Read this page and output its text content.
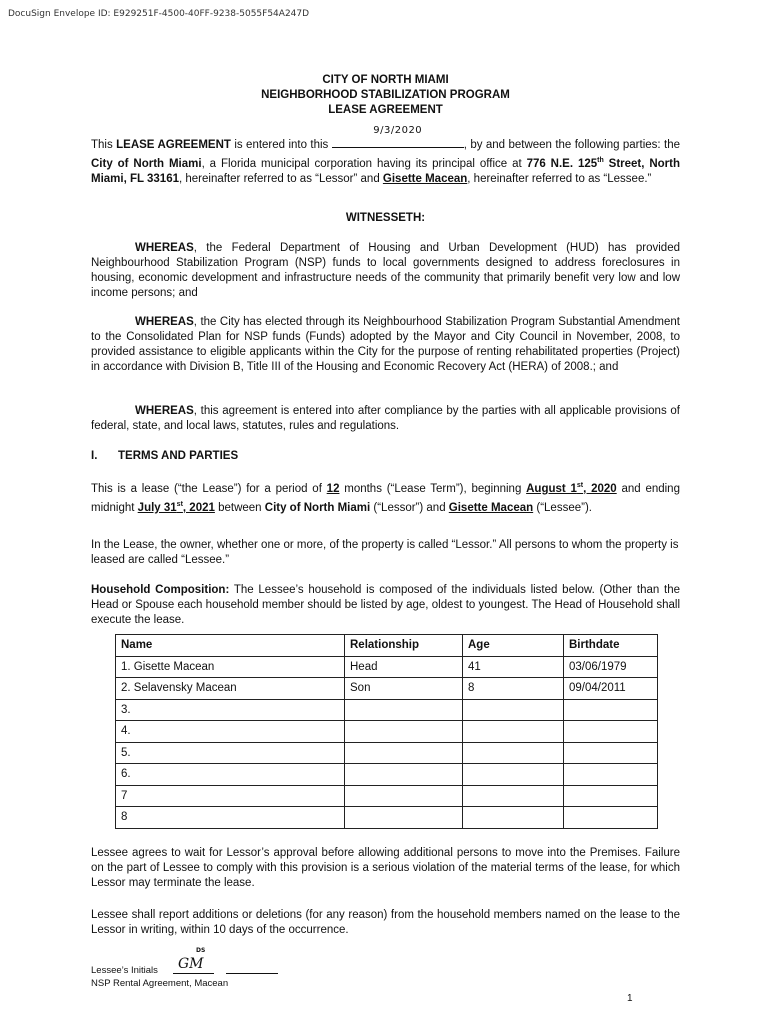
DocuSign Envelope ID: E929251F-4500-40FF-9238-5055F54A247D
CITY OF NORTH MIAMI
NEIGHBORHOOD STABILIZATION PROGRAM
LEASE AGREEMENT
This LEASE AGREEMENT is entered into this
9/3/2020
, by and between the following parties: the City of North Miami, a Florida municipal corporation having its principal office at 776 N.E. 125th Street, North Miami, FL 33161, hereinafter referred to as “Lessor” and Gisette Macean, hereinafter referred to as “Lessee.”
WITNESSETH:
WHEREAS, the Federal Department of Housing and Urban Development (HUD) has provided Neighbourhood Stabilization Program (NSP) funds to local governments designed to address foreclosures in housing, economic development and infrastructure needs of the community that primarily benefit very low and low income persons; and
WHEREAS, the City has elected through its Neighbourhood Stabilization Program Substantial Amendment to the Consolidated Plan for NSP funds (Funds) adopted by the Mayor and City Council in November, 2008, to provided assistance to eligible applicants within the City for the purpose of renting rehabilitated properties (Project) in accordance with Division B, Title III of the Housing and Economic Recovery Act (HERA) of 2008.; and
WHEREAS, this agreement is entered into after compliance by the parties with all applicable provisions of federal, state, and local laws, statutes, rules and regulations.
I. TERMS AND PARTIES
This is a lease (“the Lease”) for a period of 12 months (“Lease Term”), beginning August 1st, 2020 and ending midnight July 31st, 2021 between City of North Miami (“Lessor”) and Gisette Macean (“Lessee”).
In the Lease, the owner, whether one or more, of the property is called “Lessor.” All persons to whom the property is leased are called “Lessee.”
Household Composition: The Lessee’s household is composed of the individuals listed below. (Other than the Head or Spouse each household member should be listed by age, oldest to youngest. The Head of Household shall execute the lease.
Name	Relationship	Age	Birthdate
1. Gisette Macean	Head	41	03/06/1979
2. Selavensky Macean	Son	8	09/04/2011
3.			
4.			
5.			
6.			
7			
8			
Lessee agrees to wait for Lessor’s approval before allowing additional persons to move into the Premises. Failure on the part of Lessee to comply with this provision is a serious violation of the material terms of the lease, for which Lessor may terminate the lease.
Lessee shall report additions or deletions (for any reason) from the household members named on the lease to the Lessor in writing, within 10 days of the occurrence.
Lessee’s Initials
DS
GM
NSP Rental Agreement, Macean
1
